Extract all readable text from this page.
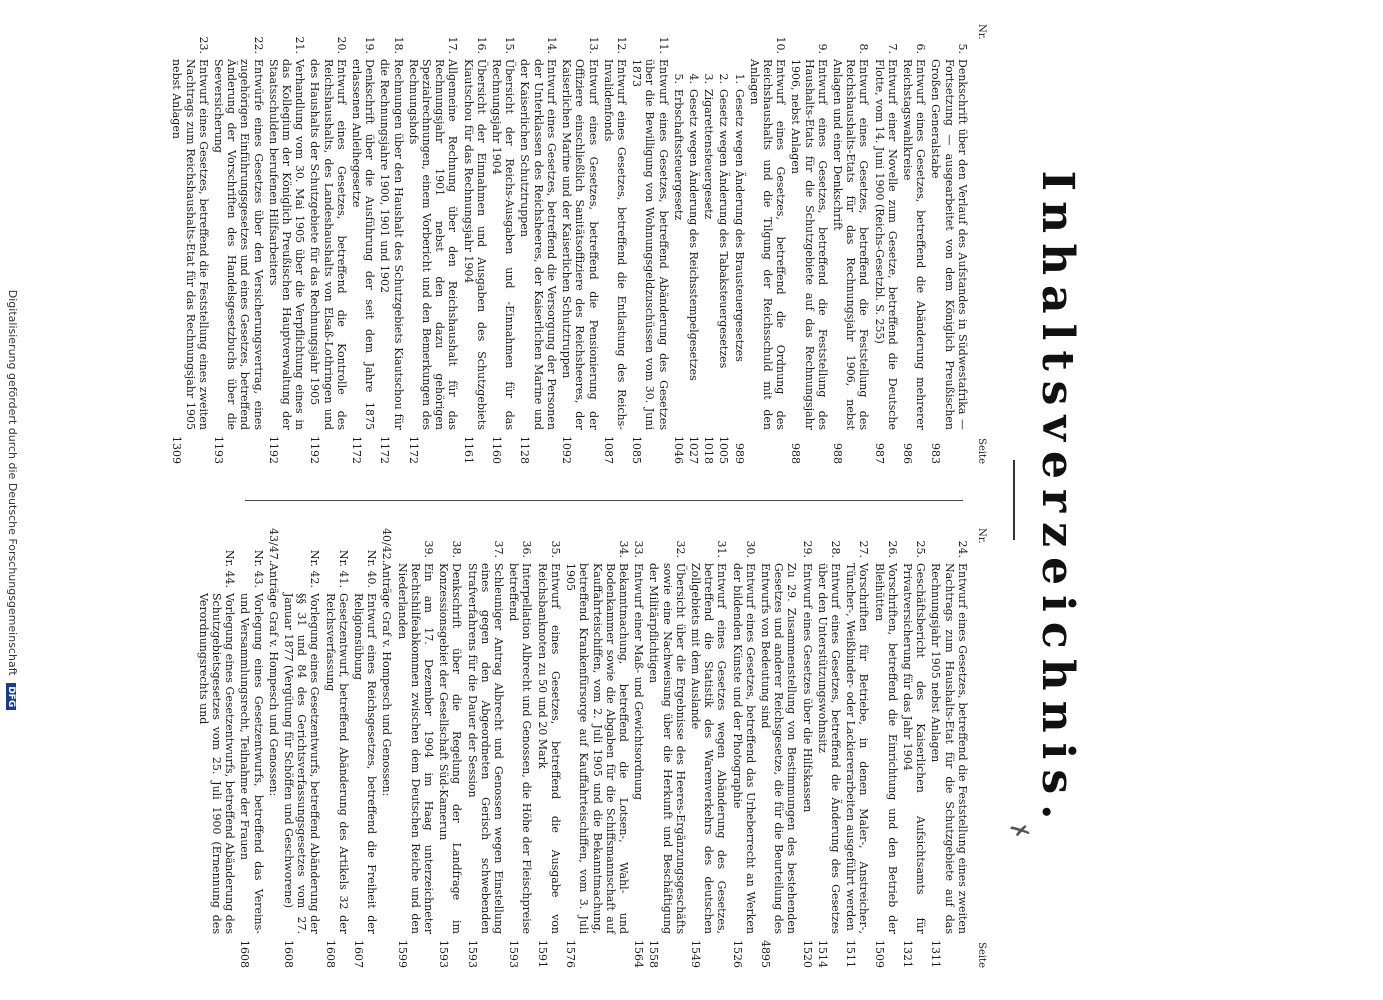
Inhaltsverzeichnis.
✗
Nr.
Seite
5.
Denkschrift über den Verlauf des Aufstandes in Südwestafrika — Fortsetzung — ausgearbeitet von dem Königlich Preußischen Großen Generalstabe
983
6.
Entwurf eines Gesetzes, betreffend die Abänderung mehrerer Reichstagswahlkreise
986
7.
Entwurf einer Novelle zum Gesetze, betreffend die Deutsche Flotte, vom 14. Juni 1900 (Reichs-Gesetzbl. S. 255)
987
8.
Entwurf eines Gesetzes, betreffend die Feststellung des Reichshaushalts-Etats für das Rechnungsjahr 1906, nebst Anlagen und einer Denkschrift
988
9.
Entwurf eines Gesetzes, betreffend die Feststellung des Haushalts-Etats für die Schutzgebiete auf das Rechnungsjahr 1906, nebst Anlagen
988
10.
Entwurf eines Gesetzes, betreffend die Ordnung des Reichshaushalts und die Tilgung der Reichsschuld mit den Anlagen
1.
Gesetz wegen Änderung des Brausteuergesetzes
989
2.
Gesetz wegen Änderung des Tabaksteuergesetzes
1005
3.
Zigarettensteuergesetz
1018
4.
Gesetz wegen Änderung des Reichsstempelgesetzes
1027
5.
Erbschaftssteuergesetz
1046
11.
Entwurf eines Gesetzes, betreffend Abänderung des Gesetzes über die Bewilligung von Wohnungsgeldzuschüssen vom 30. Juni 1873
1085
12.
Entwurf eines Gesetzes, betreffend die Entlastung des Reichs-Invalidenfonds
1087
13.
Entwurf eines Gesetzes, betreffend die Pensionierung der Offiziere einschließlich Sanitätsoffiziere des Reichsheeres, der Kaiserlichen Marine und der Kaiserlichen Schutztruppen
1092
14.
Entwurf eines Gesetzes, betreffend die Versorgung der Personen der Unterklassen des Reichsheeres, der Kaiserlichen Marine und der Kaiserlichen Schutztruppen
1128
15.
Übersicht der Reichs-Ausgaben und -Einnahmen für das Rechnungsjahr 1904
1160
16.
Übersicht der Einnahmen und Ausgaben des Schutzgebiets Kiautschou für das Rechnungsjahr 1904
1161
17.
Allgemeine Rechnung über den Reichshaushalt für das Rechnungsjahr 1901 nebst den dazu gehörigen Spezialrechnungen, einem Vorbericht und den Bemerkungen des Rechnungshofs
1172
18.
Rechnungen über den Haushalt des Schutzgebiets Kiautschou für die Rechnungsjahre 1900, 1901 und 1902
1172
19.
Denkschrift über die Ausführung der seit dem Jahre 1875 erlassenen Anleihegesetze
1172
20.
Entwurf eines Gesetzes, betreffend die Kontrolle des Reichshaushalts, des Landeshaushalts von Elsaß-Lothringen und des Haushalts der Schutzgebiete für das Rechnungsjahr 1905
1192
21.
Verhandlung vom 30. Mai 1905 über die Verpflichtung eines in das Kollegium der Königlich Preußischen Hauptverwaltung der Staatsschulden berufenen Hilfsarbeiters
1192
22.
Entwürfe eines Gesetzes über den Versicherungsvertrag, eines zugehörigen Einführungsgesetzes und eines Gesetzes, betreffend Änderung der Vorschriften des Handelsgesetzbuchs über die Seeversicherung
1193
23.
Entwurf eines Gesetzes, betreffend die Feststellung eines zweiten Nachtrags zum Reichshaushalts-Etat für das Rechnungsjahr 1905 nebst Anlagen
1309
Nr.
Seite
24.
Entwurf eines Gesetzes, betreffend die Feststellung eines zweiten Nachtrags zum Haushalts-Etat für die Schutzgebiete auf das Rechnungsjahr 1905 nebst Anlagen
1311
25.
Geschäftsbericht des Kaiserlichen Aufsichtsamts für Privatversicherung für das Jahr 1904
1321
26.
Vorschriften, betreffend die Einrichtung und den Betrieb der Bleihütten
1509
27.
Vorschriften für Betriebe, in denen Maler-, Anstreicher-, Tüncher-, Weißbinder- oder Lackiererarbeiten ausgeführt werden
1511
28.
Entwurf eines Gesetzes, betreffend die Änderung des Gesetzes über den Unterstützungswohnsitz
1514
29.
Entwurf eines Gesetzes über die Hilfskassen
1520
Zu 29. Zusammenstellung von Bestimmungen des bestehenden Gesetzes und anderer Reichsgesetze, die für die Beurteilung des Entwurfs von Bedeutung sind
4895
30.
Entwurf eines Gesetzes, betreffend das Urheberrecht an Werken der bildenden Künste und der Photographie
1526
31.
Entwurf eines Gesetzes wegen Abänderung des Gesetzes, betreffend die Statistik des Warenverkehrs des deutschen Zollgebiets mit dem Auslande
1549
32.
Übersicht über die Ergebnisse des Heeres-Ergänzungsgeschäfts sowie eine Nachweisung über die Herkunft und Beschäftigung der Militärpflichtigen
1558
33.
Entwurf einer Maß- und Gewichtsordnung
1564
34.
Bekanntmachung, betreffend die Lotsen-, Wahl- und Bodenkammer sowie die Abgaben für die Schiffsmannschaft auf Kauffahrteischiffen, vom 2. Juli 1905 und die Bekanntmachung, betreffend Krankenfürsorge auf Kauffahrteischiffen, vom 3. Juli 1905
1576
35.
Entwurf eines Gesetzes, betreffend die Ausgabe von Reichsbanknoten zu 50 und 20 Mark
1591
36.
Interpellation Albrecht und Genossen, die Höhe der Fleischpreise betreffend
1593
37.
Schleuniger Antrag Albrecht und Genossen wegen Einstellung eines gegen den Abgeordneten Gerisch schwebenden Strafverfahrens für die Dauer der Session
1593
38.
Denkschrift über die Regelung der Landfrage im Konzessionsgebiet der Gesellschaft Süd-Kamerun
1593
39.
Ein am 17. Dezember 1904 im Haag unterzeichneter Rechtshilfeabkommen zwischen dem Deutschen Reiche und den Niederlanden
1599
40/42.
Anträge Graf v. Hompesch und Genossen:
Nr. 40.
Entwurf eines Reichsgesetzes, betreffend die Freiheit der Religionsübung
1607
Nr. 41.
Gesetzentwurf, betreffend Abänderung des Artikels 32 der Reichsverfassung
1608
Nr. 42.
Vorlegung eines Gesetzentwurfs, betreffend Abänderung der §§ 31 und 84 des Gerichtsverfassungsgesetzes vom 27. Januar 1877 (Vergütung für Schöffen und Geschworene)
1608
43/47.
Anträge Graf v. Hompesch und Genossen:
Nr. 43.
Vorlegung eines Gesetzentwurfs, betreffend das Vereins- und Versammlungsrecht, Teilnahme der Frauen
1608
Nr. 44.
Vorlegung eines Gesetzentwurfs, betreffend Abänderung des Schutzgebietsgesetzes vom 25. Juli 1900 (Ernennung des Verordnungsrechts und
Digitalisierung gefördert durch die Deutsche Forschungsgemeinschaft DFG
